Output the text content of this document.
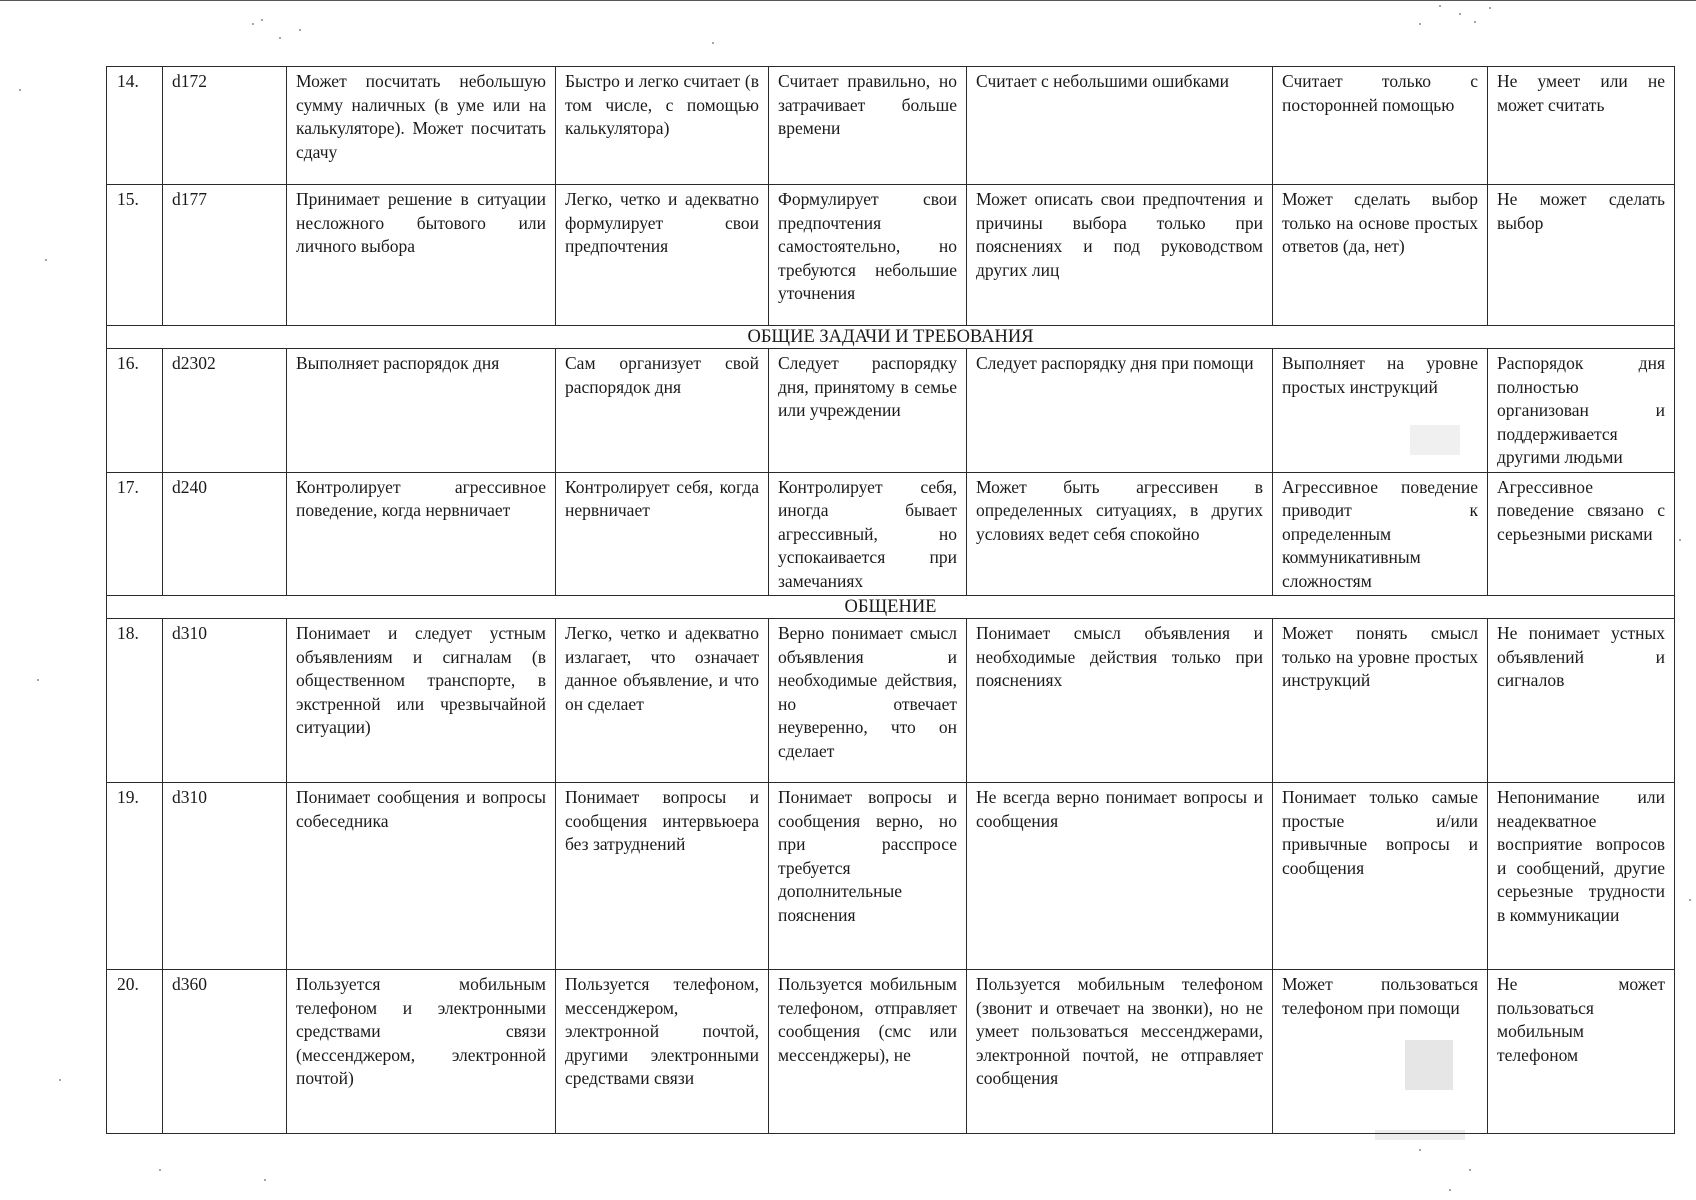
14.	d172	Может посчитать небольшую сумму наличных (в уме или на калькуляторе). Может посчитать сдачу	Быстро и легко считает (в том числе, с помощью калькулятора)	Считает правильно, но затрачивает больше времени	Считает с небольшими ошибками	Считает только с посторонней помощью	Не умеет или не может считать
15.	d177	Принимает решение в ситуации несложного бытового или личного выбора	Легко, четко и адекватно формулирует свои предпочтения	Формулирует свои предпочтения самостоятельно, но требуются небольшие уточнения	Может описать свои предпочтения и причины выбора только при пояснениях и под руководством других лиц	Может сделать выбор только на основе простых ответов (да, нет)	Не может сделать выбор
ОБЩИЕ ЗАДАЧИ И ТРЕБОВАНИЯ							
16.	d2302	Выполняет распорядок дня	Сам организует свой распорядок дня	Следует распорядку дня, принятому в семье или учреждении	Следует распорядку дня при помощи	Выполняет на уровне простых инструкций	Распорядок дня полностью организован и поддерживается другими людьми
17.	d240	Контролирует агрессивное поведение, когда нервничает	Контролирует себя, когда нервничает	Контролирует себя, иногда бывает агрессивный, но успокаивается при замечаниях	Может быть агрессивен в определенных ситуациях, в других условиях ведет себя спокойно	Агрессивное поведение приводит к определенным коммуникативным сложностям	Агрессивное поведение связано с серьезными рисками
ОБЩЕНИЕ							
18.	d310	Понимает и следует устным объявлениям и сигналам (в общественном транспорте, в экстренной или чрезвычайной ситуации)	Легко, четко и адекватно излагает, что означает данное объявление, и что он сделает	Верно понимает смысл объявления и необходимые действия, но отвечает неуверенно, что он сделает	Понимает смысл объявления и необходимые действия только при пояснениях	Может понять смысл только на уровне простых инструкций	Не понимает устных объявлений и сигналов
19.	d310	Понимает сообщения и вопросы собеседника	Понимает вопросы и сообщения интервьюера без затруднений	Понимает вопросы и сообщения верно, но при расспросе требуется дополнительные пояснения	Не всегда верно понимает вопросы и сообщения	Понимает только самые простые и/или привычные вопросы и сообщения	Непонимание или неадекватное восприятие вопросов и сообщений, другие серьезные трудности в коммуникации
20.	d360	Пользуется мобильным телефоном и электронными средствами связи (мессенджером, электронной почтой)	Пользуется телефоном, мессенджером, электронной почтой, другими электронными средствами связи	Пользуется мобильным телефоном, отправляет сообщения (смс или мессенджеры), не	Пользуется мобильным телефоном (звонит и отвечает на звонки), но не умеет пользоваться мессенджерами, электронной почтой, не отправляет сообщения	Может пользоваться телефоном при помощи	Не может пользоваться мобильным телефоном
